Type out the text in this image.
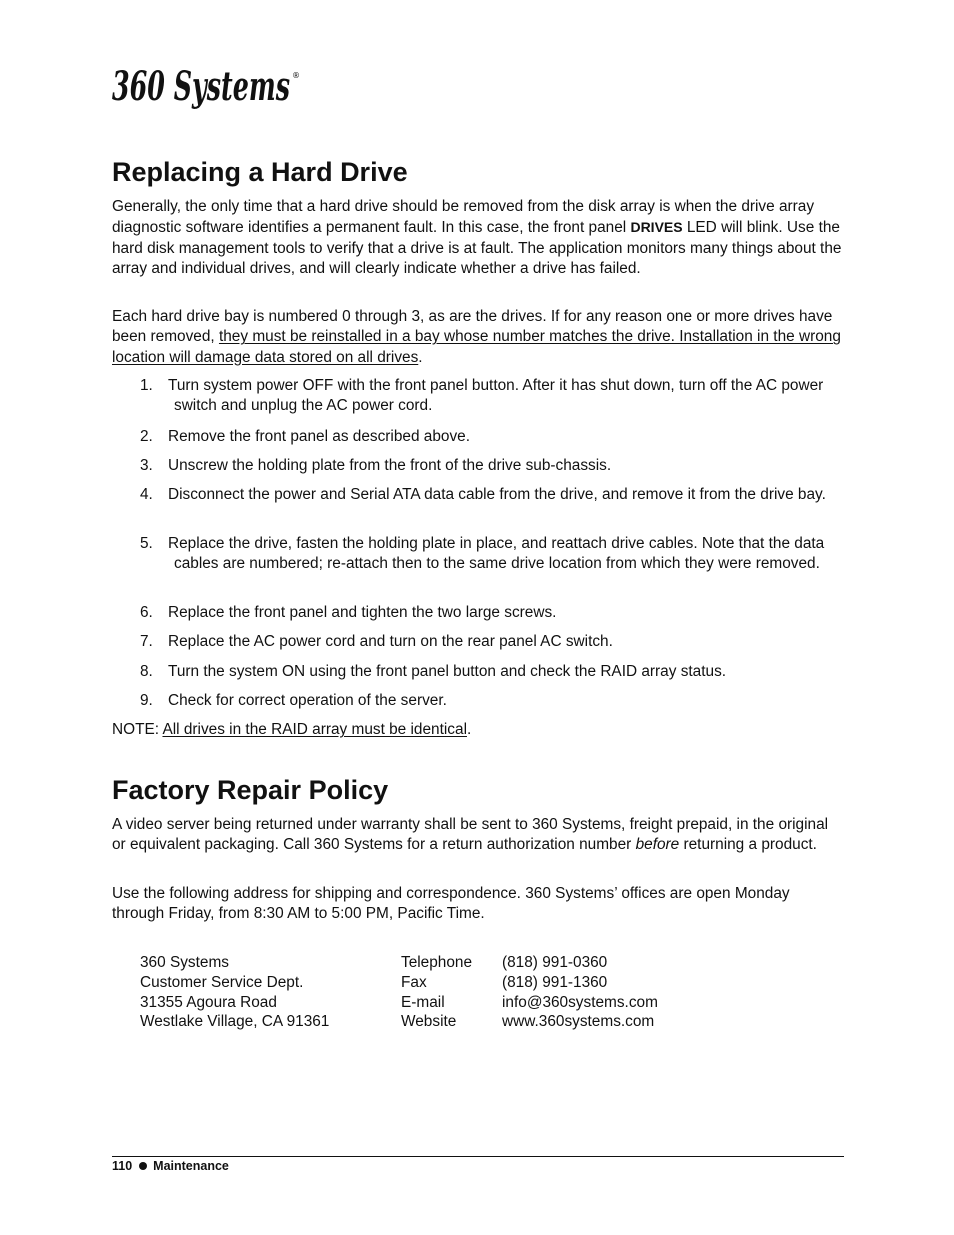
360 Systems ®
Replacing a Hard Drive

Generally, the only time that a hard drive should be removed from the disk array is when the drive array diagnostic software identifies a permanent fault. In this case, the front panel DRIVES LED will blink. Use the hard disk management tools to verify that a drive is at fault. The application monitors many things about the array and individual drives, and will clearly indicate whether a drive has failed.

Each hard drive bay is numbered 0 through 3, as are the drives. If for any reason one or more drives have been removed, they must be reinstalled in a bay whose number matches the drive. Installation in the wrong location will damage data stored on all drives.

1. Turn system power OFF with the front panel button. After it has shut down, turn off the AC power switch and unplug the AC power cord.
2. Remove the front panel as described above.
3. Unscrew the holding plate from the front of the drive sub-chassis.
4. Disconnect the power and Serial ATA data cable from the drive, and remove it from the drive bay.
5. Replace the drive, fasten the holding plate in place, and reattach drive cables. Note that the data cables are numbered; re-attach then to the same drive location from which they were removed.
6. Replace the front panel and tighten the two large screws.
7. Replace the AC power cord and turn on the rear panel AC switch.
8. Turn the system ON using the front panel button and check the RAID array status.
9. Check for correct operation of the server.

NOTE: All drives in the RAID array must be identical.

Factory Repair Policy

A video server being returned under warranty shall be sent to 360 Systems, freight prepaid, in the original or equivalent packaging. Call 360 Systems for a return authorization number before returning a product.

Use the following address for shipping and correspondence. 360 Systems’ offices are open Monday through Friday, from 8:30 AM to 5:00 PM, Pacific Time.

360 Systems	Telephone (818) 991-0360
Customer Service Dept.	Fax	(818) 991-1360
31355 Agoura Road	E-mail	info@360systems.com
Westlake Village, CA 91361	Website	www.360systems.com
110 Maintenance
